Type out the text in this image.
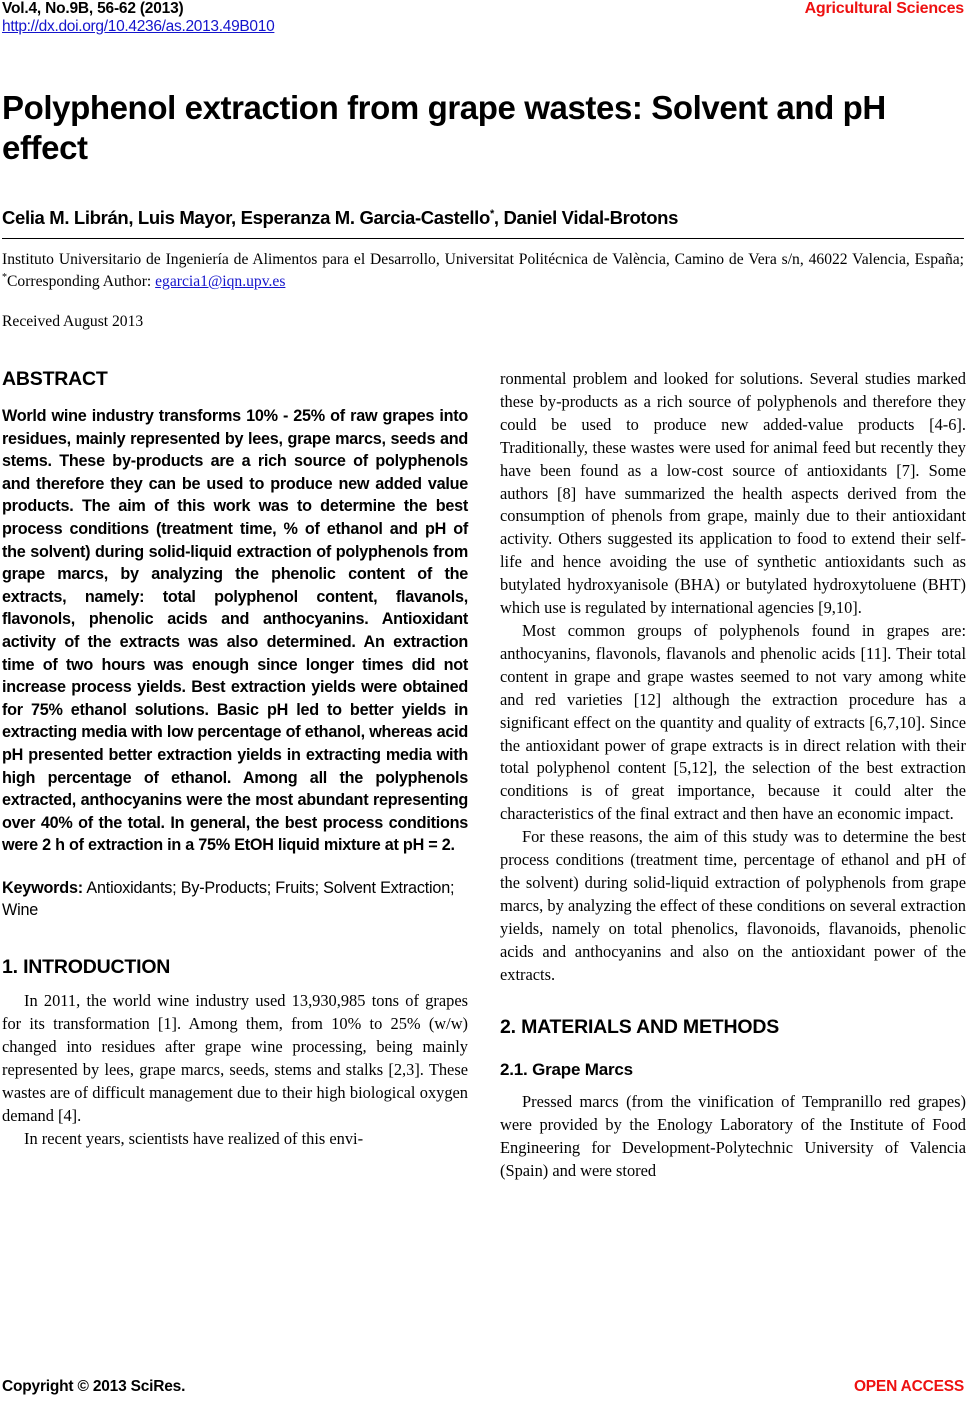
Vol.4, No.9B, 56-62 (2013)
http://dx.doi.org/10.4236/as.2013.49B010
Agricultural Sciences
Polyphenol extraction from grape wastes: Solvent and pH effect
Celia M. Librán, Luis Mayor, Esperanza M. Garcia-Castello*, Daniel Vidal-Brotons
Instituto Universitario de Ingeniería de Alimentos para el Desarrollo, Universitat Politécnica de València, Camino de Vera s/n, 46022 Valencia, España; *Corresponding Author: egarcia1@iqn.upv.es
Received August 2013
ABSTRACT

World wine industry transforms 10% - 25% of raw grapes into residues, mainly represented by lees, grape marcs, seeds and stems. These by-products are a rich source of polyphenols and therefore they can be used to produce new added value products. The aim of this work was to determine the best process conditions (treatment time, % of ethanol and pH of the solvent) during solid-liquid extraction of polyphenols from grape marcs, by analyzing the phenolic content of the extracts, namely: total polyphenol content, flavanols, flavonols, phenolic acids and anthocyanins. Antioxidant activity of the extracts was also determined. An extraction time of two hours was enough since longer times did not increase process yields. Best extraction yields were obtained for 75% ethanol solutions. Basic pH led to better yields in extracting media with low percentage of ethanol, whereas acid pH presented better extraction yields in extracting media with high percentage of ethanol. Among all the polyphenols extracted, anthocyanins were the most abundant representing over 40% of the total. In general, the best process conditions were 2 h of extraction in a 75% EtOH liquid mixture at pH = 2.

Keywords: Antioxidants; By-Products; Fruits; Solvent Extraction; Wine

1. INTRODUCTION

In 2011, the world wine industry used 13,930,985 tons of grapes for its transformation [1]. Among them, from 10% to 25% (w/w) changed into residues after grape wine processing, being mainly represented by lees, grape marcs, seeds, stems and stalks [2,3]. These wastes are of difficult management due to their high biological oxygen demand [4].

In recent years, scientists have realized of this envi-

ronmental problem and looked for solutions. Several studies marked these by-products as a rich source of polyphenols and therefore they could be used to produce new added-value products [4-6]. Traditionally, these wastes were used for animal feed but recently they have been found as a low-cost source of antioxidants [7]. Some authors [8] have summarized the health aspects derived from the consumption of phenols from grape, mainly due to their antioxidant activity. Others suggested its application to food to extend their self-life and hence avoiding the use of synthetic antioxidants such as butylated hydroxyanisole (BHA) or butylated hydroxytoluene (BHT) which use is regulated by international agencies [9,10].

Most common groups of polyphenols found in grapes are: anthocyanins, flavonols, flavanols and phenolic acids [11]. Their total content in grape and grape wastes seemed to not vary among white and red varieties [12] although the extraction procedure has a significant effect on the quantity and quality of extracts [6,7,10]. Since the antioxidant power of grape extracts is in direct relation with their total polyphenol content [5,12], the selection of the best extraction conditions is of great importance, because it could alter the characteristics of the final extract and then have an economic impact.

For these reasons, the aim of this study was to determine the best process conditions (treatment time, percentage of ethanol and pH of the solvent) during solid-liquid extraction of polyphenols from grape marcs, by analyzing the effect of these conditions on several extraction yields, namely on total phenolics, flavonoids, flavanoids, phenolic acids and anthocyanins and also on the antioxidant power of the extracts.

2. MATERIALS AND METHODS
2.1. Grape Marcs

Pressed marcs (from the vinification of Tempranillo red grapes) were provided by the Enology Laboratory of the Institute of Food Engineering for Development-Polytechnic University of Valencia (Spain) and were stored

Copyright © 2013 SciRes.	OPEN ACCESS
